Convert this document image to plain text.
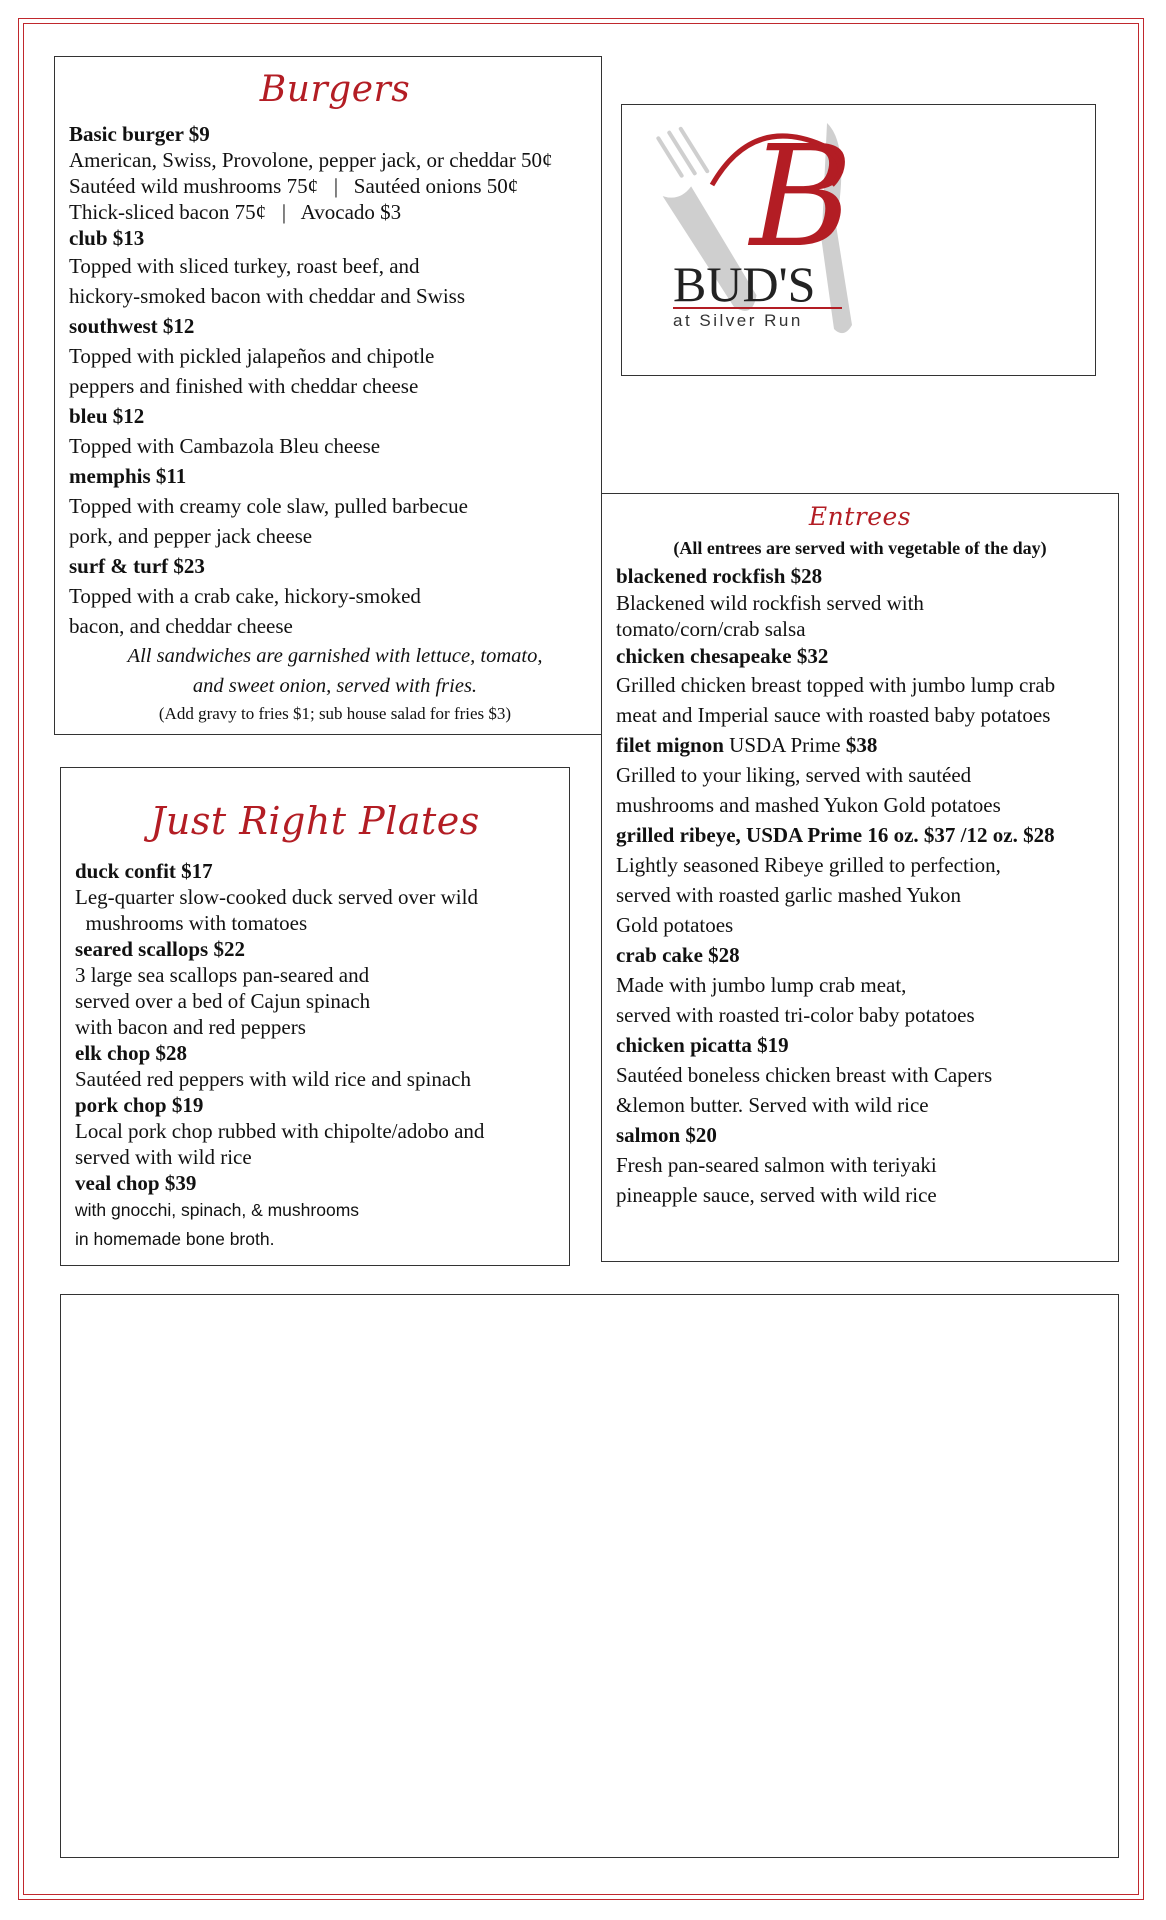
Burgers
Basic burger $9
American, Swiss, Provolone, pepper jack, or cheddar 50¢
Sautéed wild mushrooms 75¢   |   Sautéed onions 50¢
Thick-sliced bacon 75¢   |   Avocado $3
club $13
Topped with sliced turkey, roast beef, and
hickory-smoked bacon with cheddar and Swiss
southwest $12
Topped with pickled jalapeños and chipotle
peppers and finished with cheddar cheese
bleu $12
Topped with Cambazola Bleu cheese
memphis $11
Topped with creamy cole slaw, pulled barbecue
pork, and pepper jack cheese
surf & turf $23
Topped with a crab cake, hickory-smoked
bacon, and cheddar cheese
All sandwiches are garnished with lettuce, tomato,
and sweet onion, served with fries.
(Add gravy to fries $1; sub house salad for fries $3)
B
BUD'S
at Silver Run
Entrees
(All entrees are served with vegetable of the day)
blackened rockfish $28
Blackened wild rockfish served with
tomato/corn/crab salsa
chicken chesapeake $32
Grilled chicken breast topped with jumbo lump crab
meat and Imperial sauce with roasted baby potatoes
filet mignon USDA Prime $38
Grilled to your liking, served with sautéed
mushrooms and mashed Yukon Gold potatoes
grilled ribeye, USDA Prime 16 oz. $37 /12 oz. $28
Lightly seasoned Ribeye grilled to perfection,
served with roasted garlic mashed Yukon
Gold potatoes
crab cake $28
Made with jumbo lump crab meat,
served with roasted tri-color baby potatoes
chicken picatta $19
Sautéed boneless chicken breast with Capers
&lemon butter. Served with wild rice
salmon $20
Fresh pan-seared salmon with teriyaki
pineapple sauce, served with wild rice
Just Right Plates
duck confit $17
Leg-quarter slow-cooked duck served over wild
mushrooms with tomatoes
seared scallops $22
3 large sea scallops pan-seared and
served over a bed of Cajun spinach
with bacon and red peppers
elk chop $28
Sautéed red peppers with wild rice and spinach
pork chop $19
Local pork chop rubbed with chipolte/adobo and
served with wild rice
veal chop $39
with gnocchi, spinach, & mushrooms
in homemade bone broth.
